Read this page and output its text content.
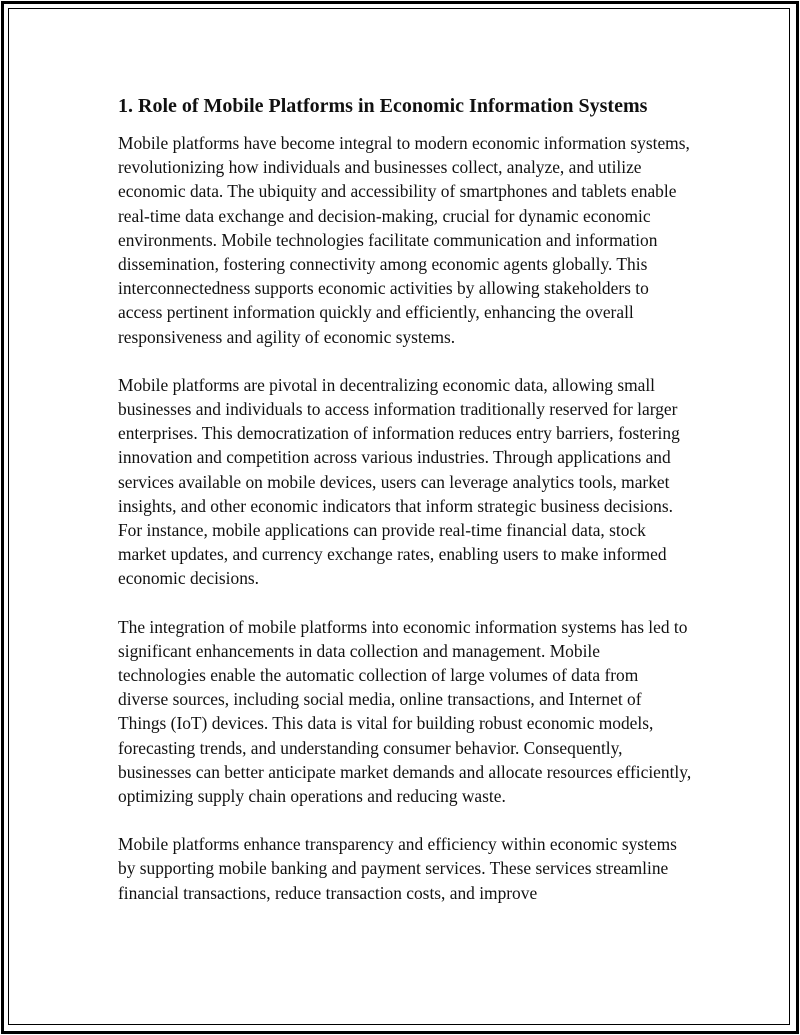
1. Role of Mobile Platforms in Economic Information Systems

Mobile platforms have become integral to modern economic information systems, revolutionizing how individuals and businesses collect, analyze, and utilize economic data. The ubiquity and accessibility of smartphones and tablets enable real-time data exchange and decision-making, crucial for dynamic economic environments. Mobile technologies facilitate communication and information dissemination, fostering connectivity among economic agents globally. This interconnectedness supports economic activities by allowing stakeholders to access pertinent information quickly and efficiently, enhancing the overall responsiveness and agility of economic systems.

Mobile platforms are pivotal in decentralizing economic data, allowing small businesses and individuals to access information traditionally reserved for larger enterprises. This democratization of information reduces entry barriers, fostering innovation and competition across various industries. Through applications and services available on mobile devices, users can leverage analytics tools, market insights, and other economic indicators that inform strategic business decisions. For instance, mobile applications can provide real-time financial data, stock market updates, and currency exchange rates, enabling users to make informed economic decisions.

The integration of mobile platforms into economic information systems has led to significant enhancements in data collection and management. Mobile technologies enable the automatic collection of large volumes of data from diverse sources, including social media, online transactions, and Internet of Things (IoT) devices. This data is vital for building robust economic models, forecasting trends, and understanding consumer behavior. Consequently, businesses can better anticipate market demands and allocate resources efficiently, optimizing supply chain operations and reducing waste.

Mobile platforms enhance transparency and efficiency within economic systems by supporting mobile banking and payment services. These services streamline financial transactions, reduce transaction costs, and improve
